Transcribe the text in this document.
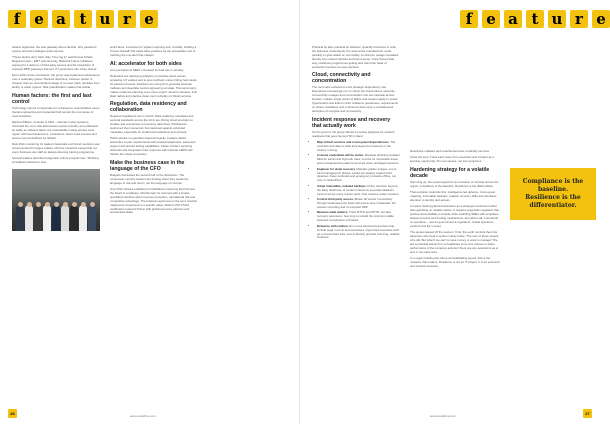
f e a t u r e

believe legitimate, the vast gateway where flexible, dirty password system and bad privileges retain access.

"These tactics don't hack risky. They log in" said Nomsa Tshabi, Regional Lead – EMT cybersecurity, Bedwork Future Initiatives, arguing for a defence of third-party access and the integration of exposed RDP gateways that turn OT perimeters into 'lucky sheets'.

Even within those constraints, the group urged planned maintenance over a sedentary guess. Planned downtime, however partial, is cheaper than an uncontrolled outage of a power plant, decades from facility or water system. Risk quantification makes that visible.

Human factors: the first and last control

Technology cannot compensate for untrained or overconfident users. Social engineering and credential theft remain the root cause of most breaches.

Marcus Pillbern, Founder & CEO – Garman Cyber-Systems, reminded the room that adversaries exploit empathy and politeness as deftly as software flaws: the unavoidable mating privacy tools 'agree' with bend deterrence, contractors, direct need-to-know and secure communications by default.

Dark Web monitoring for leaked credentials and brand mentions was recommended for larger entities, with the important caveat that not every business can staff an always-listening training programme.

Several leaders described pragmatic culture programmes: 'Phishing simulations tailored to real.

world fares, incentives for vigilant reporting and, crucially, building a 'human firewall' that treats false positives as the acceptable cost of catching the one alert that matters.

AI: accelerator for both sides

AI is pervasive at SIEM, increased its dual role in security.

Defenders are deploying analytics to prioritise alerts across sprawling IoT estates and to spot synthetic voices hitting help desks for password resets. Attackers are using AI to generate bespoke malware and deepfake social engineering at scale. That asymmetry makes resilience planning even more urgent: assume intrusion, limit blast radius and practise clean-room rebuilds of critical services.

Regulation, data residency and collaboration

Regional regulations are in retrofit. Data residency mandates and sectoral standards across the GCC are driving cloud providers to localise and enterprises to inventory data flows. Participants welcomed that momentum but cautioned against unfunded mandates, especially for small local institutions and schools.

Public-private co-operation featured heavily. Leaders asked authorities to pair requirements with practical playbooks, easement support and shared testing capabilities. Faster incident reporting channels and integrated crisis response with national CERTs will harden the whole ecosystem.

Make the business case in the language of the CFO

Budgets dominated the second half of the discussion. The consensus: security leaders win funding when they speak the language of risk and return, not the language of controls.

One CISO shared a tabletop for DarkWeb-monitoring that trimmed the board in a tabletop. Months later he returned with a simple, quantified narrative about revenue protection, reputational risk and competitive advantage. The business approved on the spot. Another mapped an investment to a specific value: Modern ISO 27001 certification reduced friction with global economy partners and accelerated deals.

26	www.ecoafrica.com
f e a t u r e

Practical tip after practical tip followed. Quantify downtime in units the business understands: the automotive manufacturer could quantify a cyber-attack on one facility. A minimum outage translated directly into missed vehicles and lost revenue. Once framed that way, resilience programmes getting less than their head of production became an easy decision.

Cloud, connectivity and concentration

The room also surfaced a more strategic dependency risk. Enterprises increasingly run on cloud, but cloud carries networks. Connectivity outages and concentration risk can cascade across borders, sudden single points of failure and impact supply to power hyperscalers and links for their resilience guarantees, requirements on where mandated, and continuous tests upon a simultaneous disruption of compute and connectivity.

Incident response and recovery that actually work

On the ground, the group offered a concise playbook for incident readiness that goes beyond 'IR in place':

• Map critical services and crown-jewel dependencies. The contracts and data to what truly keeps the business or the country running.
• Assume credentials will be stolen. Mandate phishing-resistant MFA for admin and high-risk roles; monitor for impossible travel and unusual access patterns and lock down privileged sessions.
• Engineer for clean recovery. Maintain golden images, out-of-band management planes, tested pre-staged, sealed build pipelines. Keep runbooks and emergency contacts offline, not only on SharePoint.
• Adopt immutable, isolated backups. Policy retention beyond the likely dwell time of modern intrusions so partial attackers cannot corrupt every restore point. Test restores under pressure.
• Control third-party access. Broker all vendor connectivity through hardened jump hosts with just-in-time credentials, full session recording and no exposed RDP.
• Measure what matters. Track MTTD and MTTR, but also recovery assurance: how long to rebuild the minimum viable business if production is bricked.
• Rehearse with realism. Run cross-functional exercises that include legal, comms and executives. Inject hard scenarios such as a ransomware lock, loss of identity provider and long, realistic timelines.

Restrictive malware and unauthorised loss of identity services.

Close the loop. Track each issue from exercises and incident as a learning opportunity. Fix root causes, not just symptoms.

Hardening strategy for a volatile decade

Summing up, the panel argued for an evolution of mindset across the region: compliance is the baseline. Resilience is the differentiator.

That evolution looks like this: intelligence-led defence, crown-jewel mapping, immutable backups, realistic recovery drills and relentless attention to identity and access.

It means treating planned downtime as a strategic investment rather than gambling on reliable uptime. It requires pragmatic regulation that pushes accountability to boards while matching SMEs with templates, shared services and funding mechanisms. And above all, it demands co-operation – across government & regulators, critical operators, vendors and the C-level.

The quotes leaped off the session: 'First, the earth reminds them the adversary who beat a system mainly relies.' The sum of those people who did. But what if we can't to save money or want to manage? We are a practical teams from a healthcare zone who refuses to share performance of the company actions if there are any operations as to end. It can save lives.

In a region building the future at breathtaking speed, that is the measure that matters: Resilience is not an IT project. It is an economic and societal necessity.

Compliance is the baseline.
Resilience is the differentiator.
www.ecoafrica.com	27
